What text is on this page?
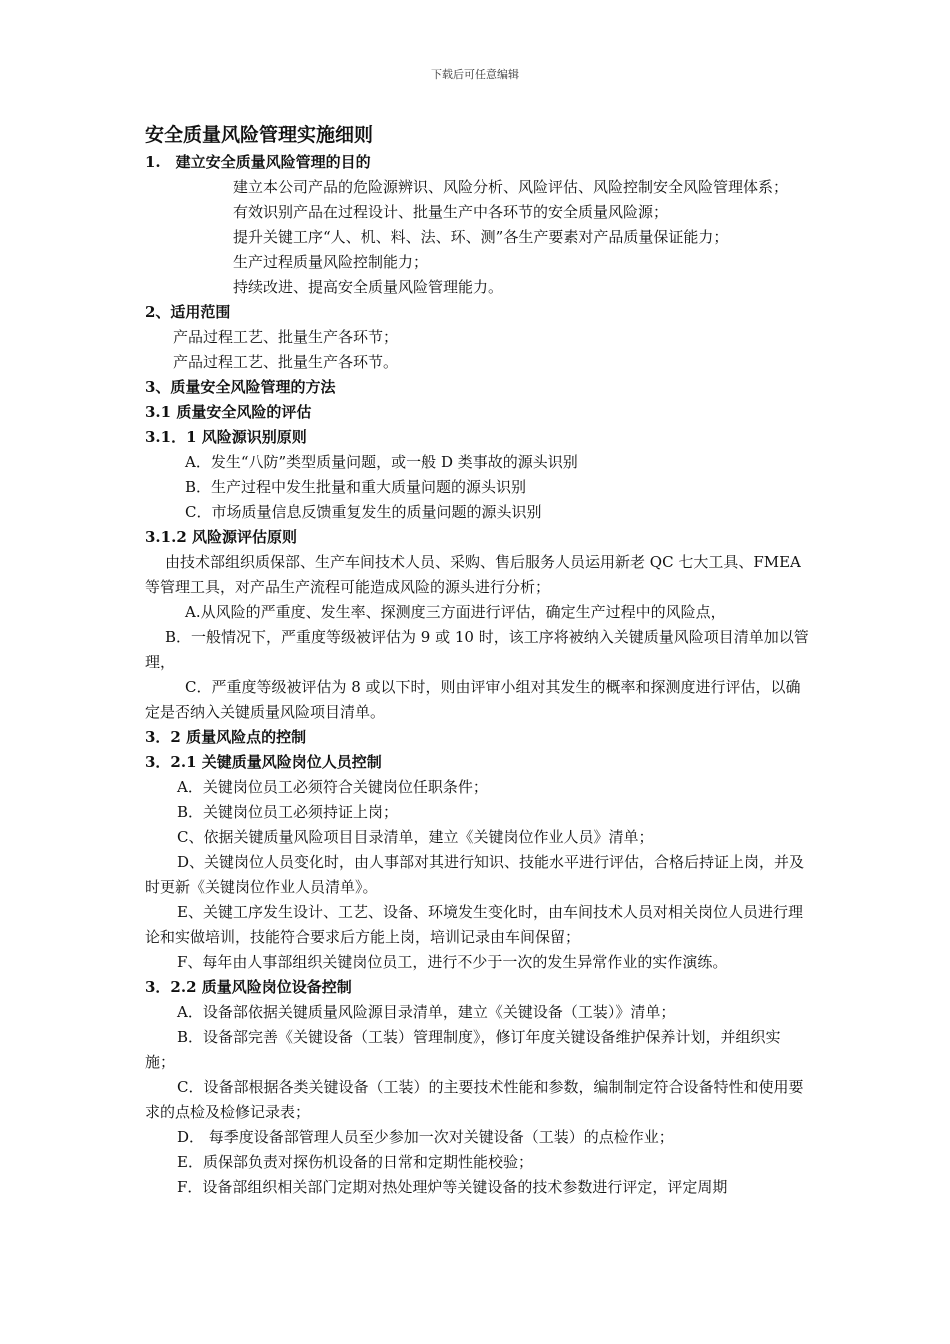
下载后可任意编辑

安全质量风险管理实施细则

1.　建立安全质量风险管理的目的

建立本公司产品的危险源辨识、风险分析、风险评估、风险控制安全风险管理体系；

有效识别产品在过程设计、批量生产中各环节的安全质量风险源；

提升关键工序“人、机、料、法、环、测”各生产要素对产品质量保证能力；

生产过程质量风险控制能力；

持续改进、提高安全质量风险管理能力。

2、适用范围

产品过程工艺、批量生产各环节；

产品过程工艺、批量生产各环节。

3、质量安全风险管理的方法

3.1 质量安全风险的评估

3.1．1 风险源识别原则

A．发生“八防”类型质量问题，或一般 D 类事故的源头识别

B．生产过程中发生批量和重大质量问题的源头识别

C．市场质量信息反馈重复发生的质量问题的源头识别

3.1.2 风险源评估原则

由技术部组织质保部、生产车间技术人员、采购、售后服务人员运用新老 QC 七大工具、FMEA 等管理工具，对产品生产流程可能造成风险的源头进行分析；

A.从风险的严重度、发生率、探测度三方面进行评估，确定生产过程中的风险点，

B．一般情况下，严重度等级被评估为 9 或 10 时，该工序将被纳入关键质量风险项目清单加以管理，

C．严重度等级被评估为 8 或以下时，则由评审小组对其发生的概率和探测度进行评估，以确定是否纳入关键质量风险项目清单。

3．2 质量风险点的控制

3．2.1 关键质量风险岗位人员控制

A．关键岗位员工必须符合关键岗位任职条件；

B．关键岗位员工必须持证上岗；

C、依据关键质量风险项目目录清单，建立《关键岗位作业人员》清单；

D、关键岗位人员变化时，由人事部对其进行知识、技能水平进行评估，合格后持证上岗，并及时更新《关键岗位作业人员清单》。

E、关键工序发生设计、工艺、设备、环境发生变化时，由车间技术人员对相关岗位人员进行理论和实做培训，技能符合要求后方能上岗，培训记录由车间保留；

F、每年由人事部组织关键岗位员工，进行不少于一次的发生异常作业的实作演练。

3．2.2 质量风险岗位设备控制

A．设备部依据关键质量风险源目录清单，建立《关键设备（工装）》清单；

B．设备部完善《关键设备（工装）管理制度》，修订年度关键设备维护保养计划，并组织实施；

C．设备部根据各类关键设备（工装）的主要技术性能和参数，编制制定符合设备特性和使用要求的点检及检修记录表；

D． 每季度设备部管理人员至少参加一次对关键设备（工装）的点检作业；

E．质保部负责对探伤机设备的日常和定期性能校验；

F．设备部组织相关部门定期对热处理炉等关键设备的技术参数进行评定，评定周期
